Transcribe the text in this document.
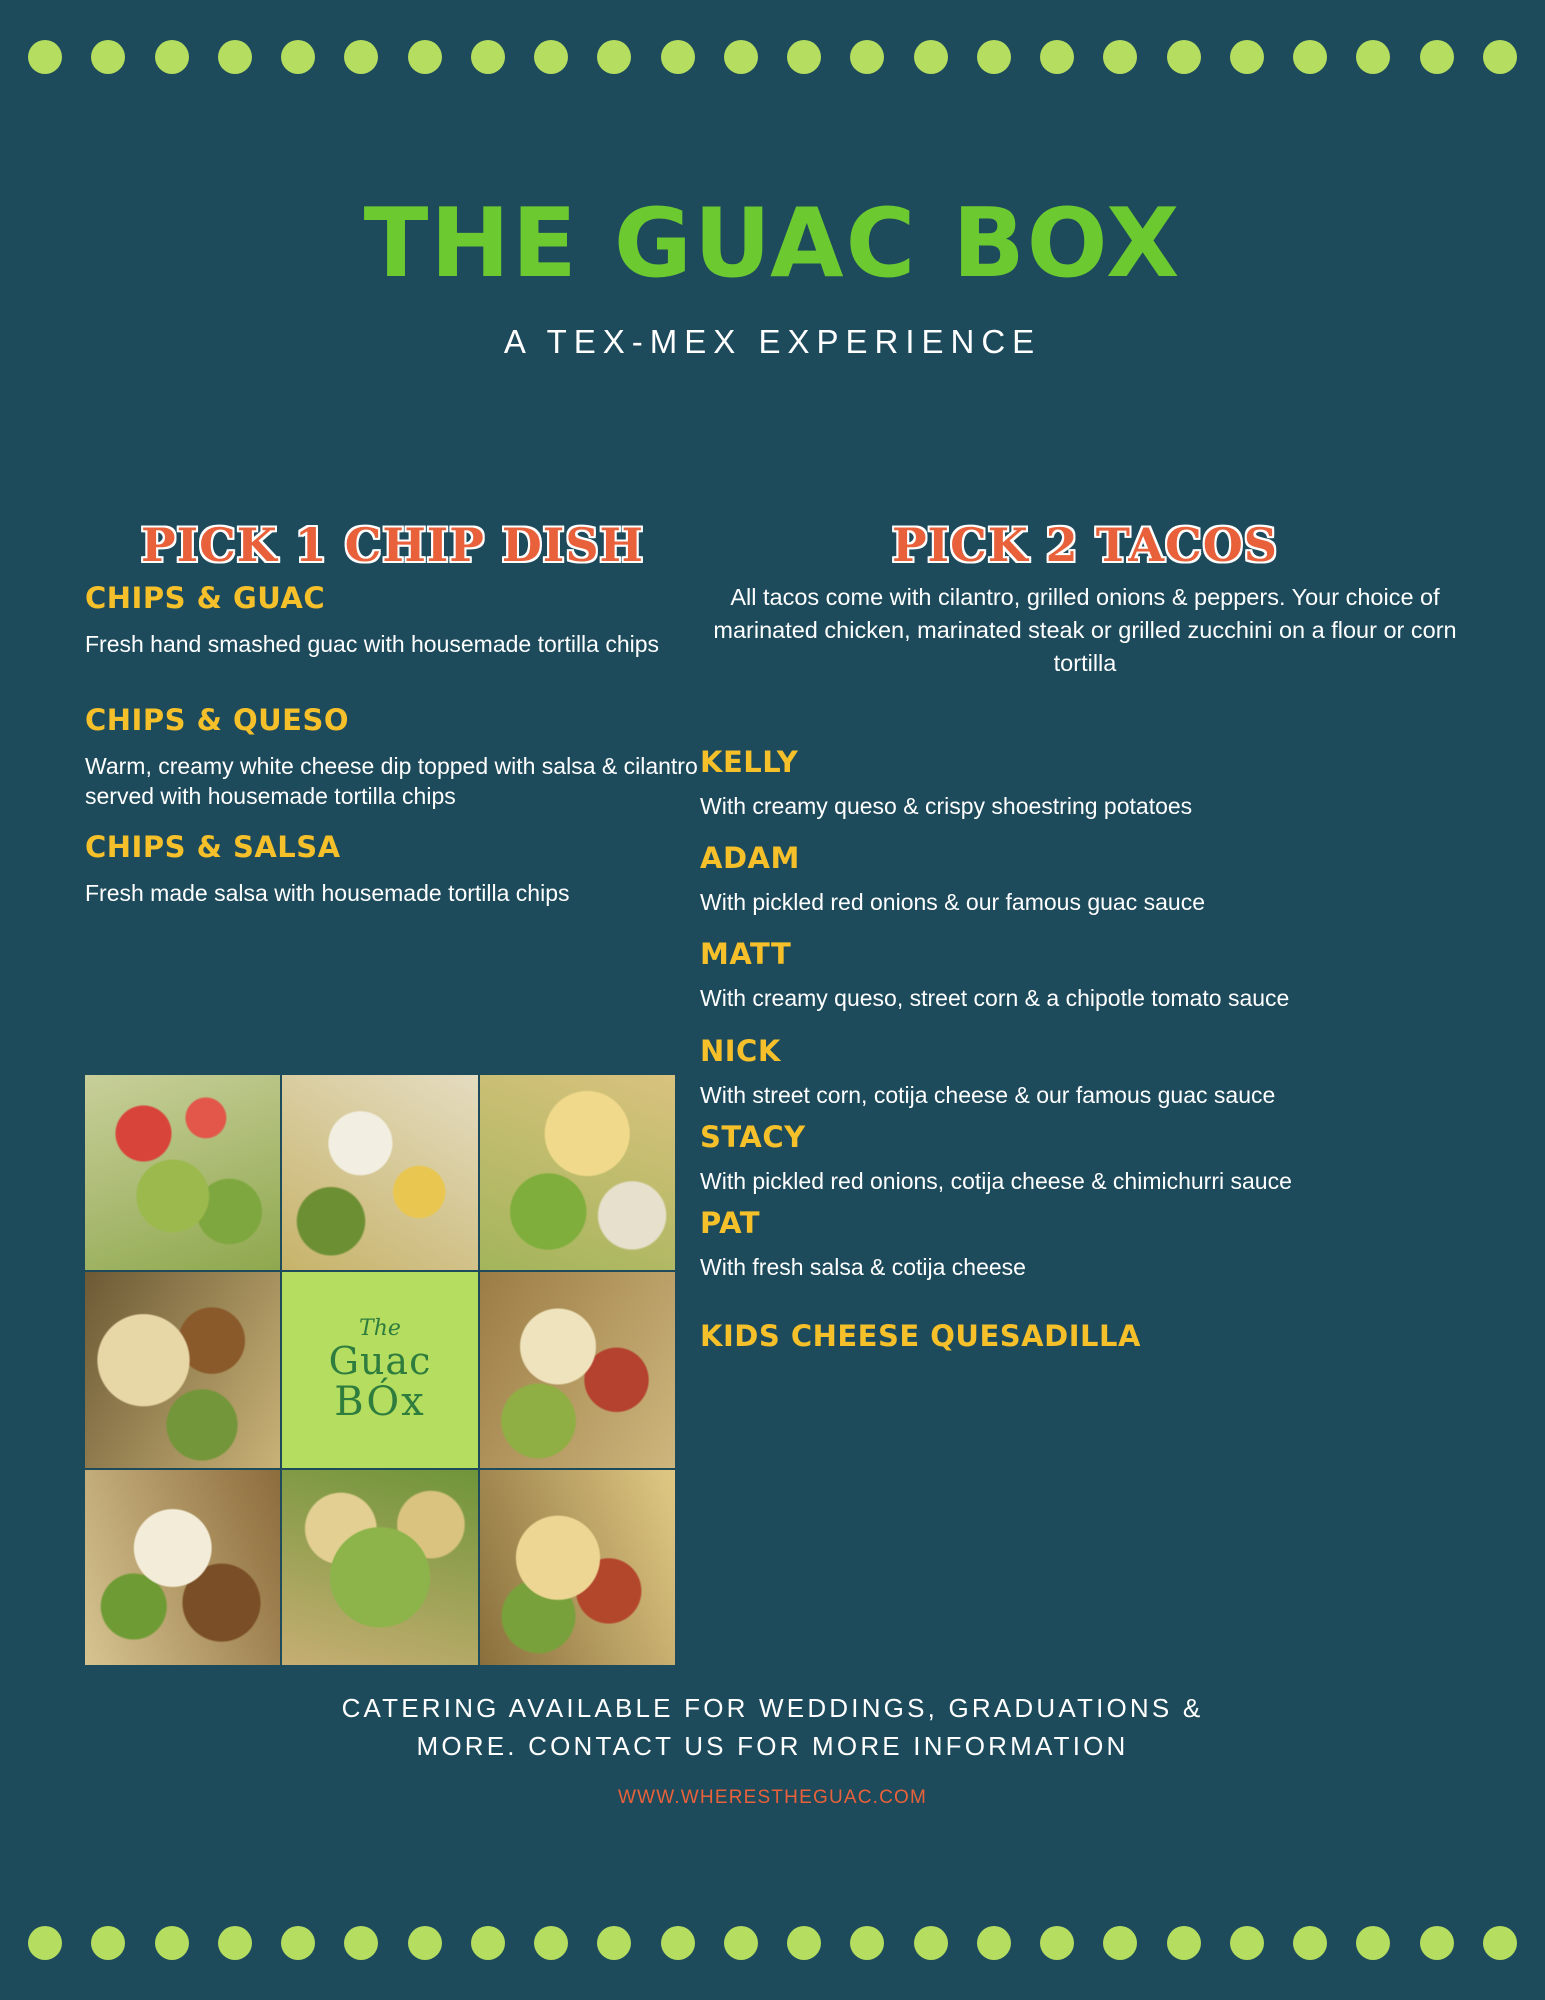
THE GUAC BOX
A TEX-MEX EXPERIENCE
PICK 1 CHIP DISH
CHIPS & GUAC
Fresh hand smashed guac with housemade tortilla chips
CHIPS & QUESO
Warm, creamy white cheese dip topped with salsa & cilantro served with housemade tortilla chips
CHIPS & SALSA
Fresh made salsa with housemade tortilla chips
PICK 2 TACOS
All tacos come with cilantro, grilled onions & peppers. Your choice of marinated chicken, marinated steak or grilled zucchini on a flour or corn tortilla
KELLY
With creamy queso & crispy shoestring potatoes
ADAM
With pickled red onions & our famous guac sauce
MATT
With creamy queso, street corn & a chipotle tomato sauce
NICK
With street corn, cotija cheese & our famous guac sauce
STACY
With pickled red onions, cotija cheese & chimichurri sauce
PAT
With fresh salsa & cotija cheese
KIDS CHEESE QUESADILLA
The
Guac
BÓx
CATERING AVAILABLE FOR WEDDINGS, GRADUATIONS &
MORE. CONTACT US FOR MORE INFORMATION
WWW.WHERESTHEGUAC.COM
